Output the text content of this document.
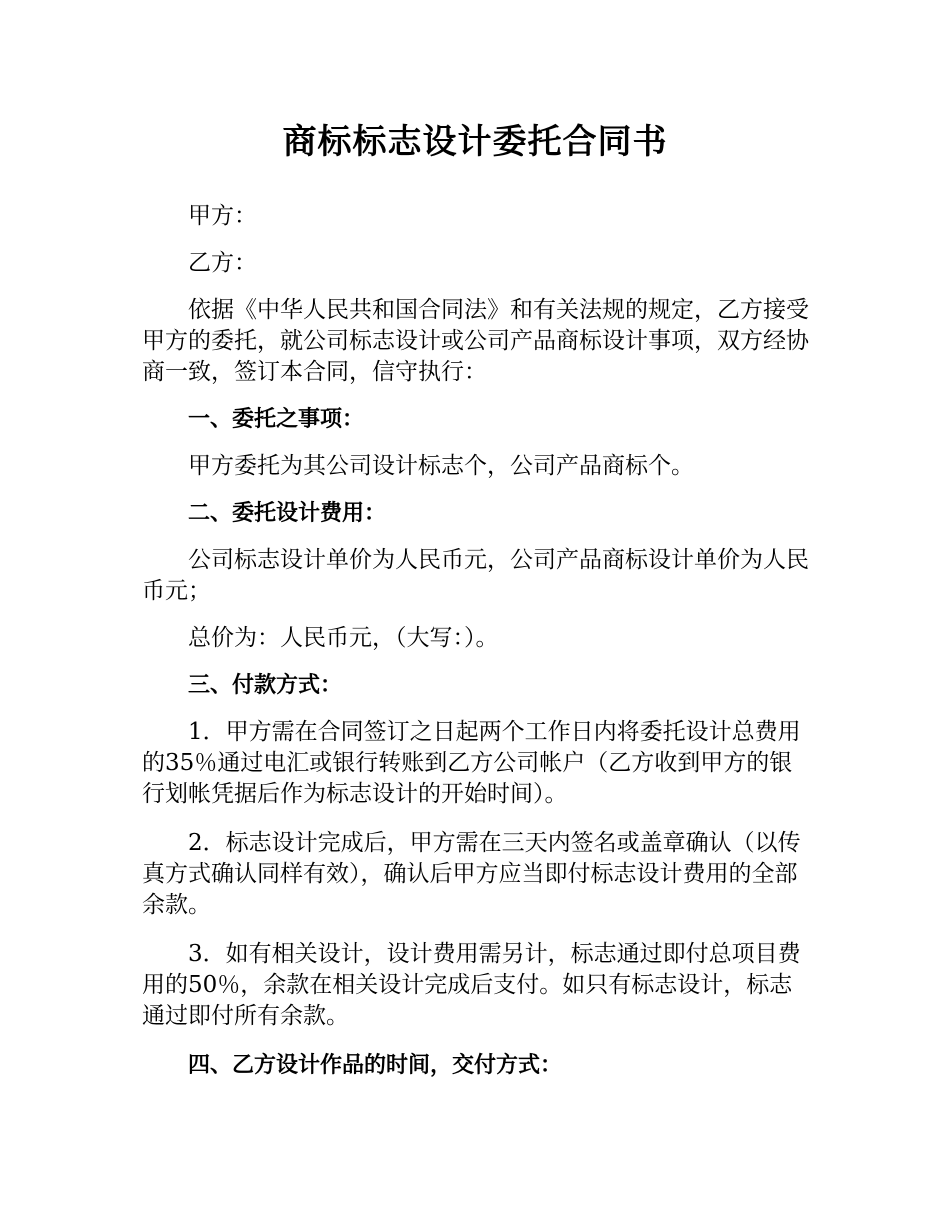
商标标志设计委托合同书

甲方：

乙方：

依据《中华人民共和国合同法》和有关法规的规定，乙方接受甲方的委托，就公司标志设计或公司产品商标设计事项，双方经协商一致，签订本合同，信守执行：

一、委托之事项：

甲方委托为其公司设计标志个，公司产品商标个。

二、委托设计费用：

公司标志设计单价为人民币元，公司产品商标设计单价为人民币元；

总价为：人民币元，（大写：）。

三、付款方式：

1．甲方需在合同签订之日起两个工作日内将委托设计总费用的35％通过电汇或银行转账到乙方公司帐户（乙方收到甲方的银行划帐凭据后作为标志设计的开始时间）。

2．标志设计完成后，甲方需在三天内签名或盖章确认（以传真方式确认同样有效），确认后甲方应当即付标志设计费用的全部余款。

3．如有相关设计，设计费用需另计，标志通过即付总项目费用的50％，余款在相关设计完成后支付。如只有标志设计，标志通过即付所有余款。

四、乙方设计作品的时间，交付方式：
